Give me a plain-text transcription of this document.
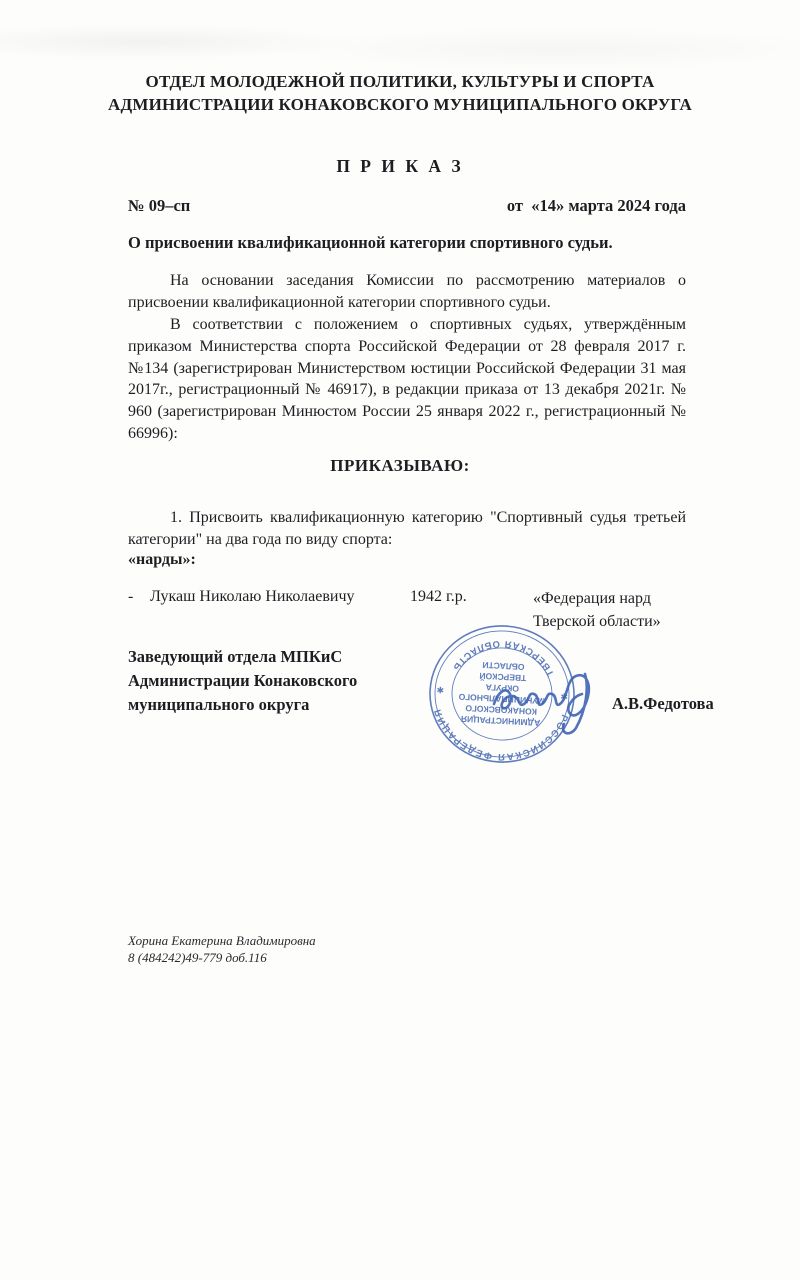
ОТДЕЛ МОЛОДЕЖНОЙ ПОЛИТИКИ, КУЛЬТУРЫ И СПОРТА
АДМИНИСТРАЦИИ КОНАКОВСКОГО МУНИЦИПАЛЬНОГО ОКРУГА
П Р И К А З
№ 09–сп	от  «14» марта 2024 года
О присвоении квалификационной категории спортивного судьи.

На основании заседания Комиссии по рассмотрению материалов о присвоении квалификационной категории спортивного судьи.

В соответствии с положением о спортивных судьях, утверждённым приказом Министерства спорта Российской Федерации от 28 февраля 2017 г. №134 (зарегистрирован Министерством юстиции Российской Федерации 31 мая 2017г., регистрационный № 46917), в редакции приказа от 13 декабря 2021г. № 960 (зарегистрирован Минюстом России 25 января 2022 г., регистрационный № 66996):

ПРИКАЗЫВАЮ:

1. Присвоить квалификационную категорию "Спортивный судья третьей категории" на два года по виду спорта:

«нарды»:
- Лукаш Николаю Николаевичу	1942 г.р.	«Федерация нард
Тверской области»
Заведующий отдела МПКиС
Администрации Конаковского
муниципального округа	А.В.Федотова
РОССИЙСКАЯ ФЕДЕРАЦИЯ
ТВЕРСКАЯ ОБЛАСТЬ
✱
✱
АДМИНИСТРАЦИЯ
КОНАКОВСКОГО
МУНИЦИПАЛЬНОГО
ОКРУГА
ТВЕРСКОЙ
ОБЛАСТИ
Хорина Екатерина Владимировна
8 (484242)49-779 доб.116
